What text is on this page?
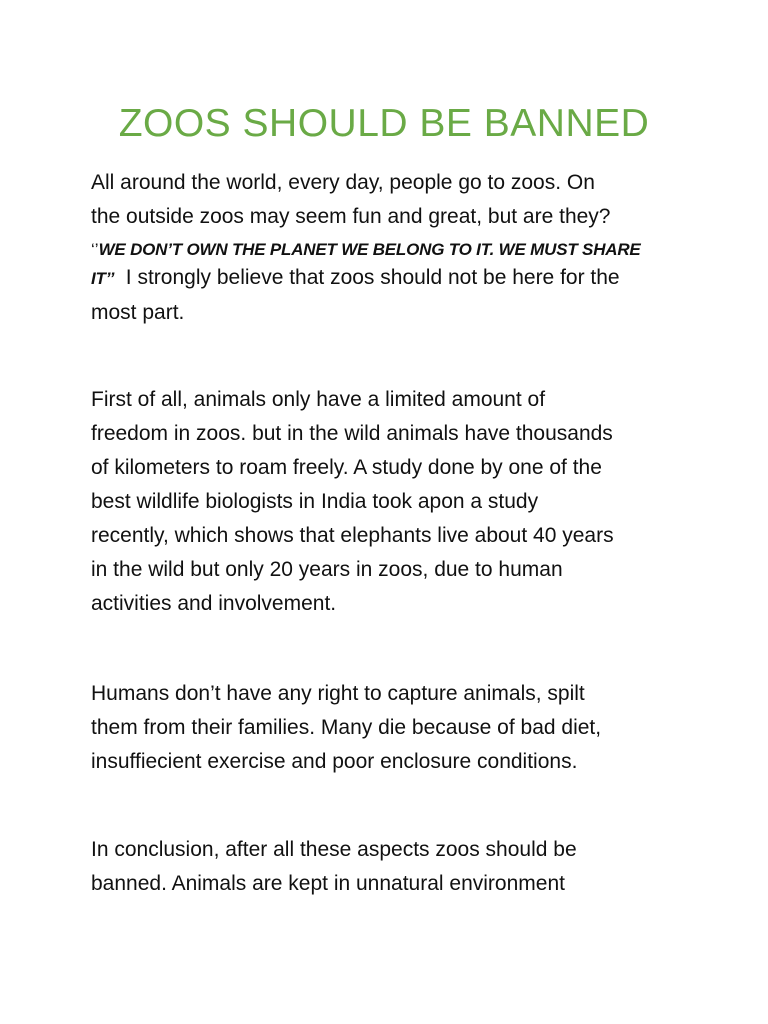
ZOOS SHOULD BE BANNED
All around the world, every day, people go to zoos. On
the outside zoos may seem fun and great, but are they?
‘’WE DON’T OWN THE PLANET WE BELONG TO IT. WE MUST SHARE
IT’’ I strongly believe that zoos should not be here for the
most part.
First of all, animals only have a limited amount of
freedom in zoos. but in the wild animals have thousands
of kilometers to roam freely. A study done by one of the
best wildlife biologists in India took apon a study
recently, which shows that elephants live about 40 years
in the wild but only 20 years in zoos, due to human
activities and involvement.
Humans don’t have any right to capture animals, spilt
them from their families. Many die because of bad diet,
insuffiecient exercise and poor enclosure conditions.
In conclusion, after all these aspects zoos should be
banned. Animals are kept in unnatural environment
